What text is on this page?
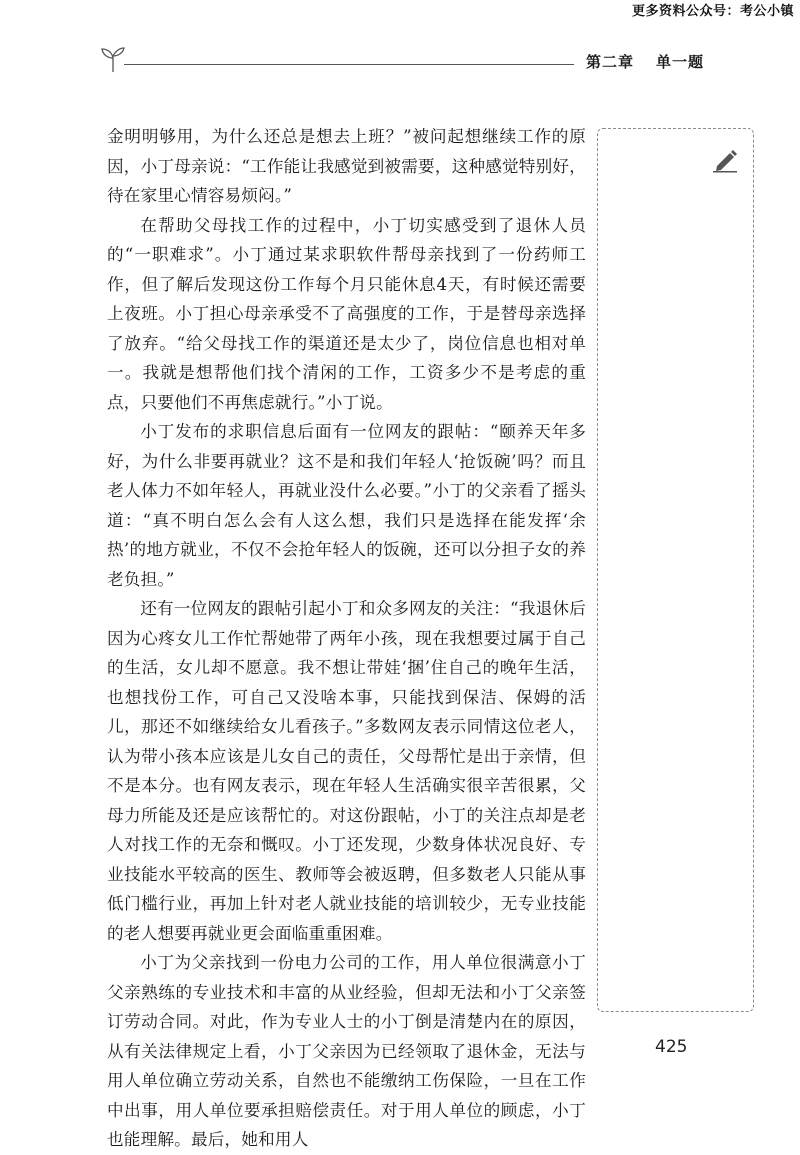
更多资料公众号：考公小镇
第二章 单一题

金明明够用，为什么还总是想去上班？”被问起想继续工作的原因，小丁母亲说：“工作能让我感觉到被需要，这种感觉特别好，待在家里心情容易烦闷。”

在帮助父母找工作的过程中，小丁切实感受到了退休人员的“一职难求”。小丁通过某求职软件帮母亲找到了一份药师工作，但了解后发现这份工作每个月只能休息4天，有时候还需要上夜班。小丁担心母亲承受不了高强度的工作，于是替母亲选择了放弃。“给父母找工作的渠道还是太少了，岗位信息也相对单一。我就是想帮他们找个清闲的工作，工资多少不是考虑的重点，只要他们不再焦虑就行。”小丁说。

小丁发布的求职信息后面有一位网友的跟帖：“颐养天年多好，为什么非要再就业？这不是和我们年轻人‘抢饭碗’吗？而且老人体力不如年轻人，再就业没什么必要。”小丁的父亲看了摇头道：“真不明白怎么会有人这么想，我们只是选择在能发挥‘余热’的地方就业，不仅不会抢年轻人的饭碗，还可以分担子女的养老负担。”

还有一位网友的跟帖引起小丁和众多网友的关注：“我退休后因为心疼女儿工作忙帮她带了两年小孩，现在我想要过属于自己的生活，女儿却不愿意。我不想让带娃‘捆’住自己的晚年生活，也想找份工作，可自己又没啥本事，只能找到保洁、保姆的活儿，那还不如继续给女儿看孩子。”多数网友表示同情这位老人，认为带小孩本应该是儿女自己的责任，父母帮忙是出于亲情，但不是本分。也有网友表示，现在年轻人生活确实很辛苦很累，父母力所能及还是应该帮忙的。对这份跟帖，小丁的关注点却是老人对找工作的无奈和慨叹。小丁还发现，少数身体状况良好、专业技能水平较高的医生、教师等会被返聘，但多数老人只能从事低门槛行业，再加上针对老人就业技能的培训较少，无专业技能的老人想要再就业更会面临重重困难。

小丁为父亲找到一份电力公司的工作，用人单位很满意小丁父亲熟练的专业技术和丰富的从业经验，但却无法和小丁父亲签订劳动合同。对此，作为专业人士的小丁倒是清楚内在的原因，从有关法律规定上看，小丁父亲因为已经领取了退休金，无法与用人单位确立劳动关系，自然也不能缴纳工伤保险，一旦在工作中出事，用人单位要承担赔偿责任。对于用人单位的顾虑，小丁也能理解。最后，她和用人

425
